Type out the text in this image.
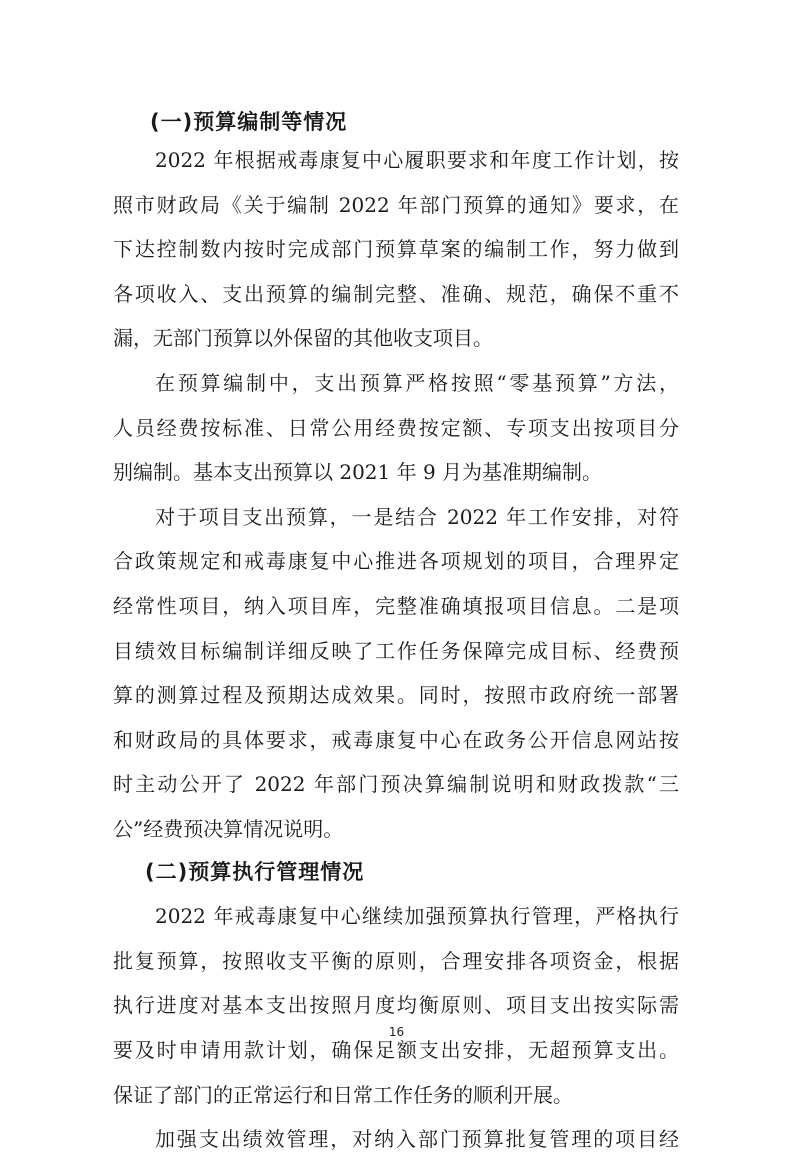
(一)预算编制等情况

2022 年根据戒毒康复中心履职要求和年度工作计划，按

照市财政局《关于编制 2022 年部门预算的通知》要求，在

下达控制数内按时完成部门预算草案的编制工作，努力做到

各项收入、支出预算的编制完整、准确、规范，确保不重不

漏，无部门预算以外保留的其他收支项目。

在预算编制中，支出预算严格按照“零基预算”方法，

人员经费按标准、日常公用经费按定额、专项支出按项目分

别编制。基本支出预算以 2021 年 9 月为基准期编制。

对于项目支出预算，一是结合 2022 年工作安排，对符

合政策规定和戒毒康复中心推进各项规划的项目，合理界定

经常性项目，纳入项目库，完整准确填报项目信息。二是项

目绩效目标编制详细反映了工作任务保障完成目标、经费预

算的测算过程及预期达成效果。同时，按照市政府统一部署

和财政局的具体要求，戒毒康复中心在政务公开信息网站按

时主动公开了 2022 年部门预决算编制说明和财政拨款“三

公”经费预决算情况说明。

(二)预算执行管理情况

2022 年戒毒康复中心继续加强预算执行管理，严格执行

批复预算，按照收支平衡的原则，合理安排各项资金，根据

执行进度对基本支出按照月度均衡原则、项目支出按实际需

要及时申请用款计划，确保足额支出安排，无超预算支出。

保证了部门的正常运行和日常工作任务的顺利开展。

加强支出绩效管理，对纳入部门预算批复管理的项目经

16
